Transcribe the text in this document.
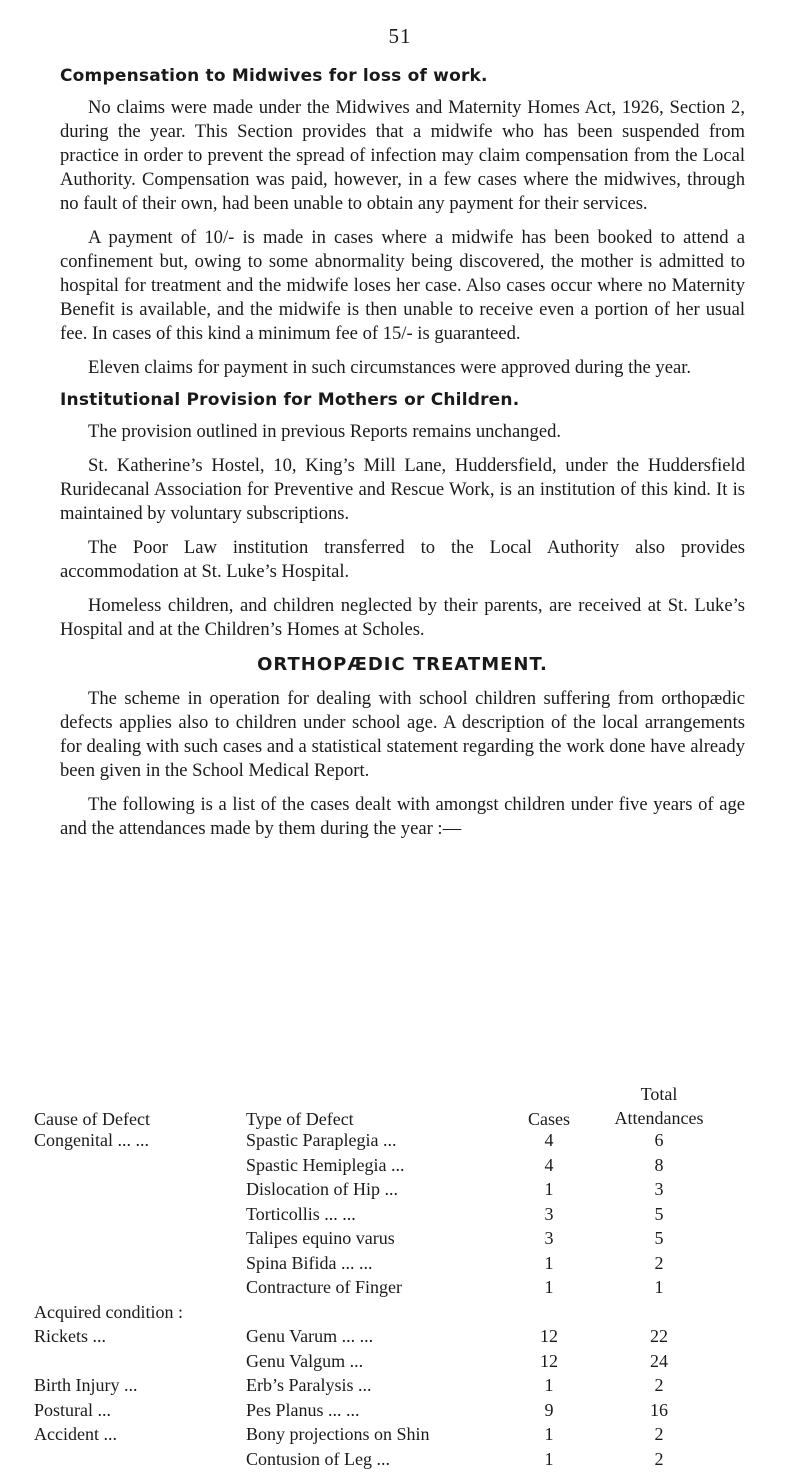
51
Compensation to Midwives for loss of work.

No claims were made under the Midwives and Maternity Homes Act, 1926, Section 2, during the year. This Section provides that a midwife who has been suspended from practice in order to prevent the spread of infection may claim compensation from the Local Authority. Compensation was paid, however, in a few cases where the midwives, through no fault of their own, had been unable to obtain any payment for their services.

A payment of 10/- is made in cases where a midwife has been booked to attend a confinement but, owing to some abnormality being discovered, the mother is admitted to hospital for treatment and the midwife loses her case. Also cases occur where no Maternity Benefit is available, and the midwife is then unable to receive even a portion of her usual fee. In cases of this kind a minimum fee of 15/- is guaranteed.

Eleven claims for payment in such circumstances were approved during the year.

Institutional Provision for Mothers or Children.

The provision outlined in previous Reports remains unchanged.

St. Katherine’s Hostel, 10, King’s Mill Lane, Huddersfield, under the Huddersfield Ruridecanal Association for Preventive and Rescue Work, is an institution of this kind. It is maintained by voluntary subscriptions.

The Poor Law institution transferred to the Local Authority also provides accommodation at St. Luke’s Hospital.

Homeless children, and children neglected by their parents, are received at St. Luke’s Hospital and at the Children’s Homes at Scholes.

ORTHOPÆDIC TREATMENT.

The scheme in operation for dealing with school children suffering from orthopædic defects applies also to children under school age. A description of the local arrangements for dealing with such cases and a statistical statement regarding the work done have already been given in the School Medical Report.

The following is a list of the cases dealt with amongst children under five years of age and the attendances made by them during the year :—

Cause of Defect	Type of Defect	Cases	Total
Attendances

Congenital ... ...	Spastic Paraplegia ...	4	6
	Spastic Hemiplegia ...	4	8
	Dislocation of Hip ...	1	3
	Torticollis ... ...	3	5
	Talipes equino varus	3	5
	Spina Bifida ... ...	1	2
	Contracture of Finger	1	1
Acquired condition :			
Rickets ...	Genu Varum ... ...	12	22
	Genu Valgum ...	12	24
Birth Injury ...	Erb’s Paralysis ...	1	2
Postural ...	Pes Planus ... ...	9	16
Accident ...	Bony projections on Shin	1	2
	Contusion of Leg ...	1	2
